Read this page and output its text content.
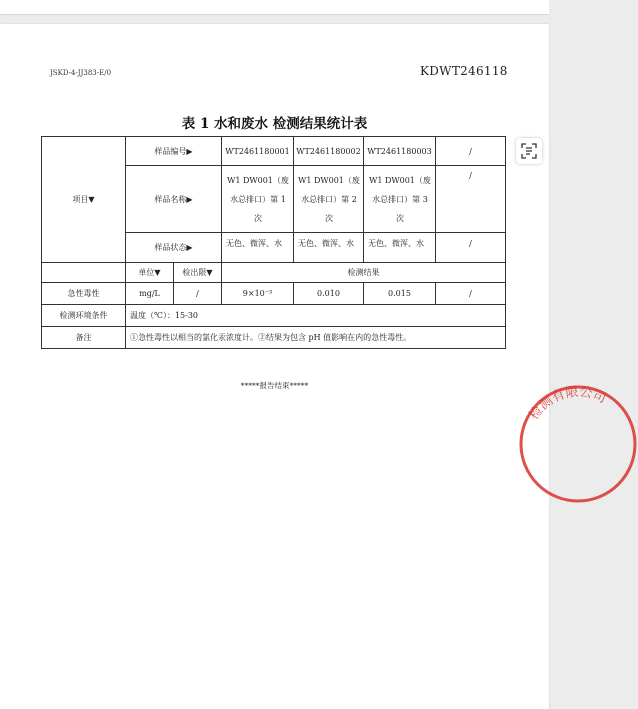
JSKD-4-JJ383-E/0	KDWT246118
表 1 水和废水 检测结果统计表
项目▼	样品编号▶		WT2461180001	WT2461180002	WT2461180003	/
	样品名称▶		W1 DW001（废水总排口）第 1 次	W1 DW001（废水总排口）第 2 次	W1 DW001（废水总排口）第 3 次	/
	样品状态▶		无色、微浑、水	无色、微浑、水	无色、微浑、水	/
	单位▼	检出限▼	检测结果			
急性毒性	mg/L	/	9×10⁻³	0.010	0.015	/
检测环境条件	温度（℃）：15-30					
备注	①急性毒性以相当的氯化汞浓度计。②结果为包含 pH 值影响在内的急性毒性。					
*****报告结束*****
检测有限公司
